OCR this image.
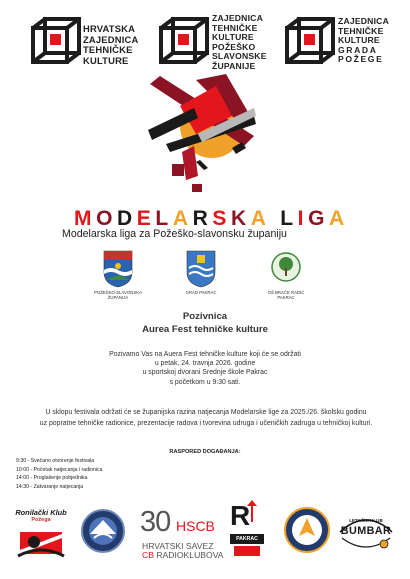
HRVATSKA
ZAJEDNICA
TEHNIČKE
KULTURE
ZAJEDNICA
TEHNIČKE
KULTURE
POŽEŠKO
SLAVONSKE
ŽUPANIJE
ZAJEDNICA
TEHNIČKE
KULTURE
GRADA
POŽEGE
MODELARSKA LIGA
Modelarska liga za Požeško-slavonsku županiju
POŽEŠKO-SLAVONSKA
ŽUPANIJA
GRAD PAKRAC	OŠ BRAĆE RADIĆ
PAKRAC
Pozivnica
Aurea Fest tehničke kulture
Pozivamo Vas na Auera Fest tehničke kulture koji će se održati
u petak, 24. travnja 2026. godine
u sportskoj dvorani Srednje škole Pakrac
s početkom u 9:30 sati.
U sklopu festivala održati će se županijska razina natjecanja Modelarske lige za 2025./26. školsku godinu
uz popratne tehničke radionice, prezentacije radova i tvorevina udruga i učeničkih zadruga u tehničkoj kulturi.
RASPORED DOGAĐANJA:
9:30 - Svečano otvorenje festivala
10:00 - Početak natjecanja i radionica
14:00 - Proglašenje pobjednika
14:30 - Zatvaranje natjecanja
Ronilački Klub
Požega	30 HSCB
HRVATSKI SAVEZ
CB RADIOKLUBOVA
R
PAKRAC
LETAČKI KLUB
BUMBAR
